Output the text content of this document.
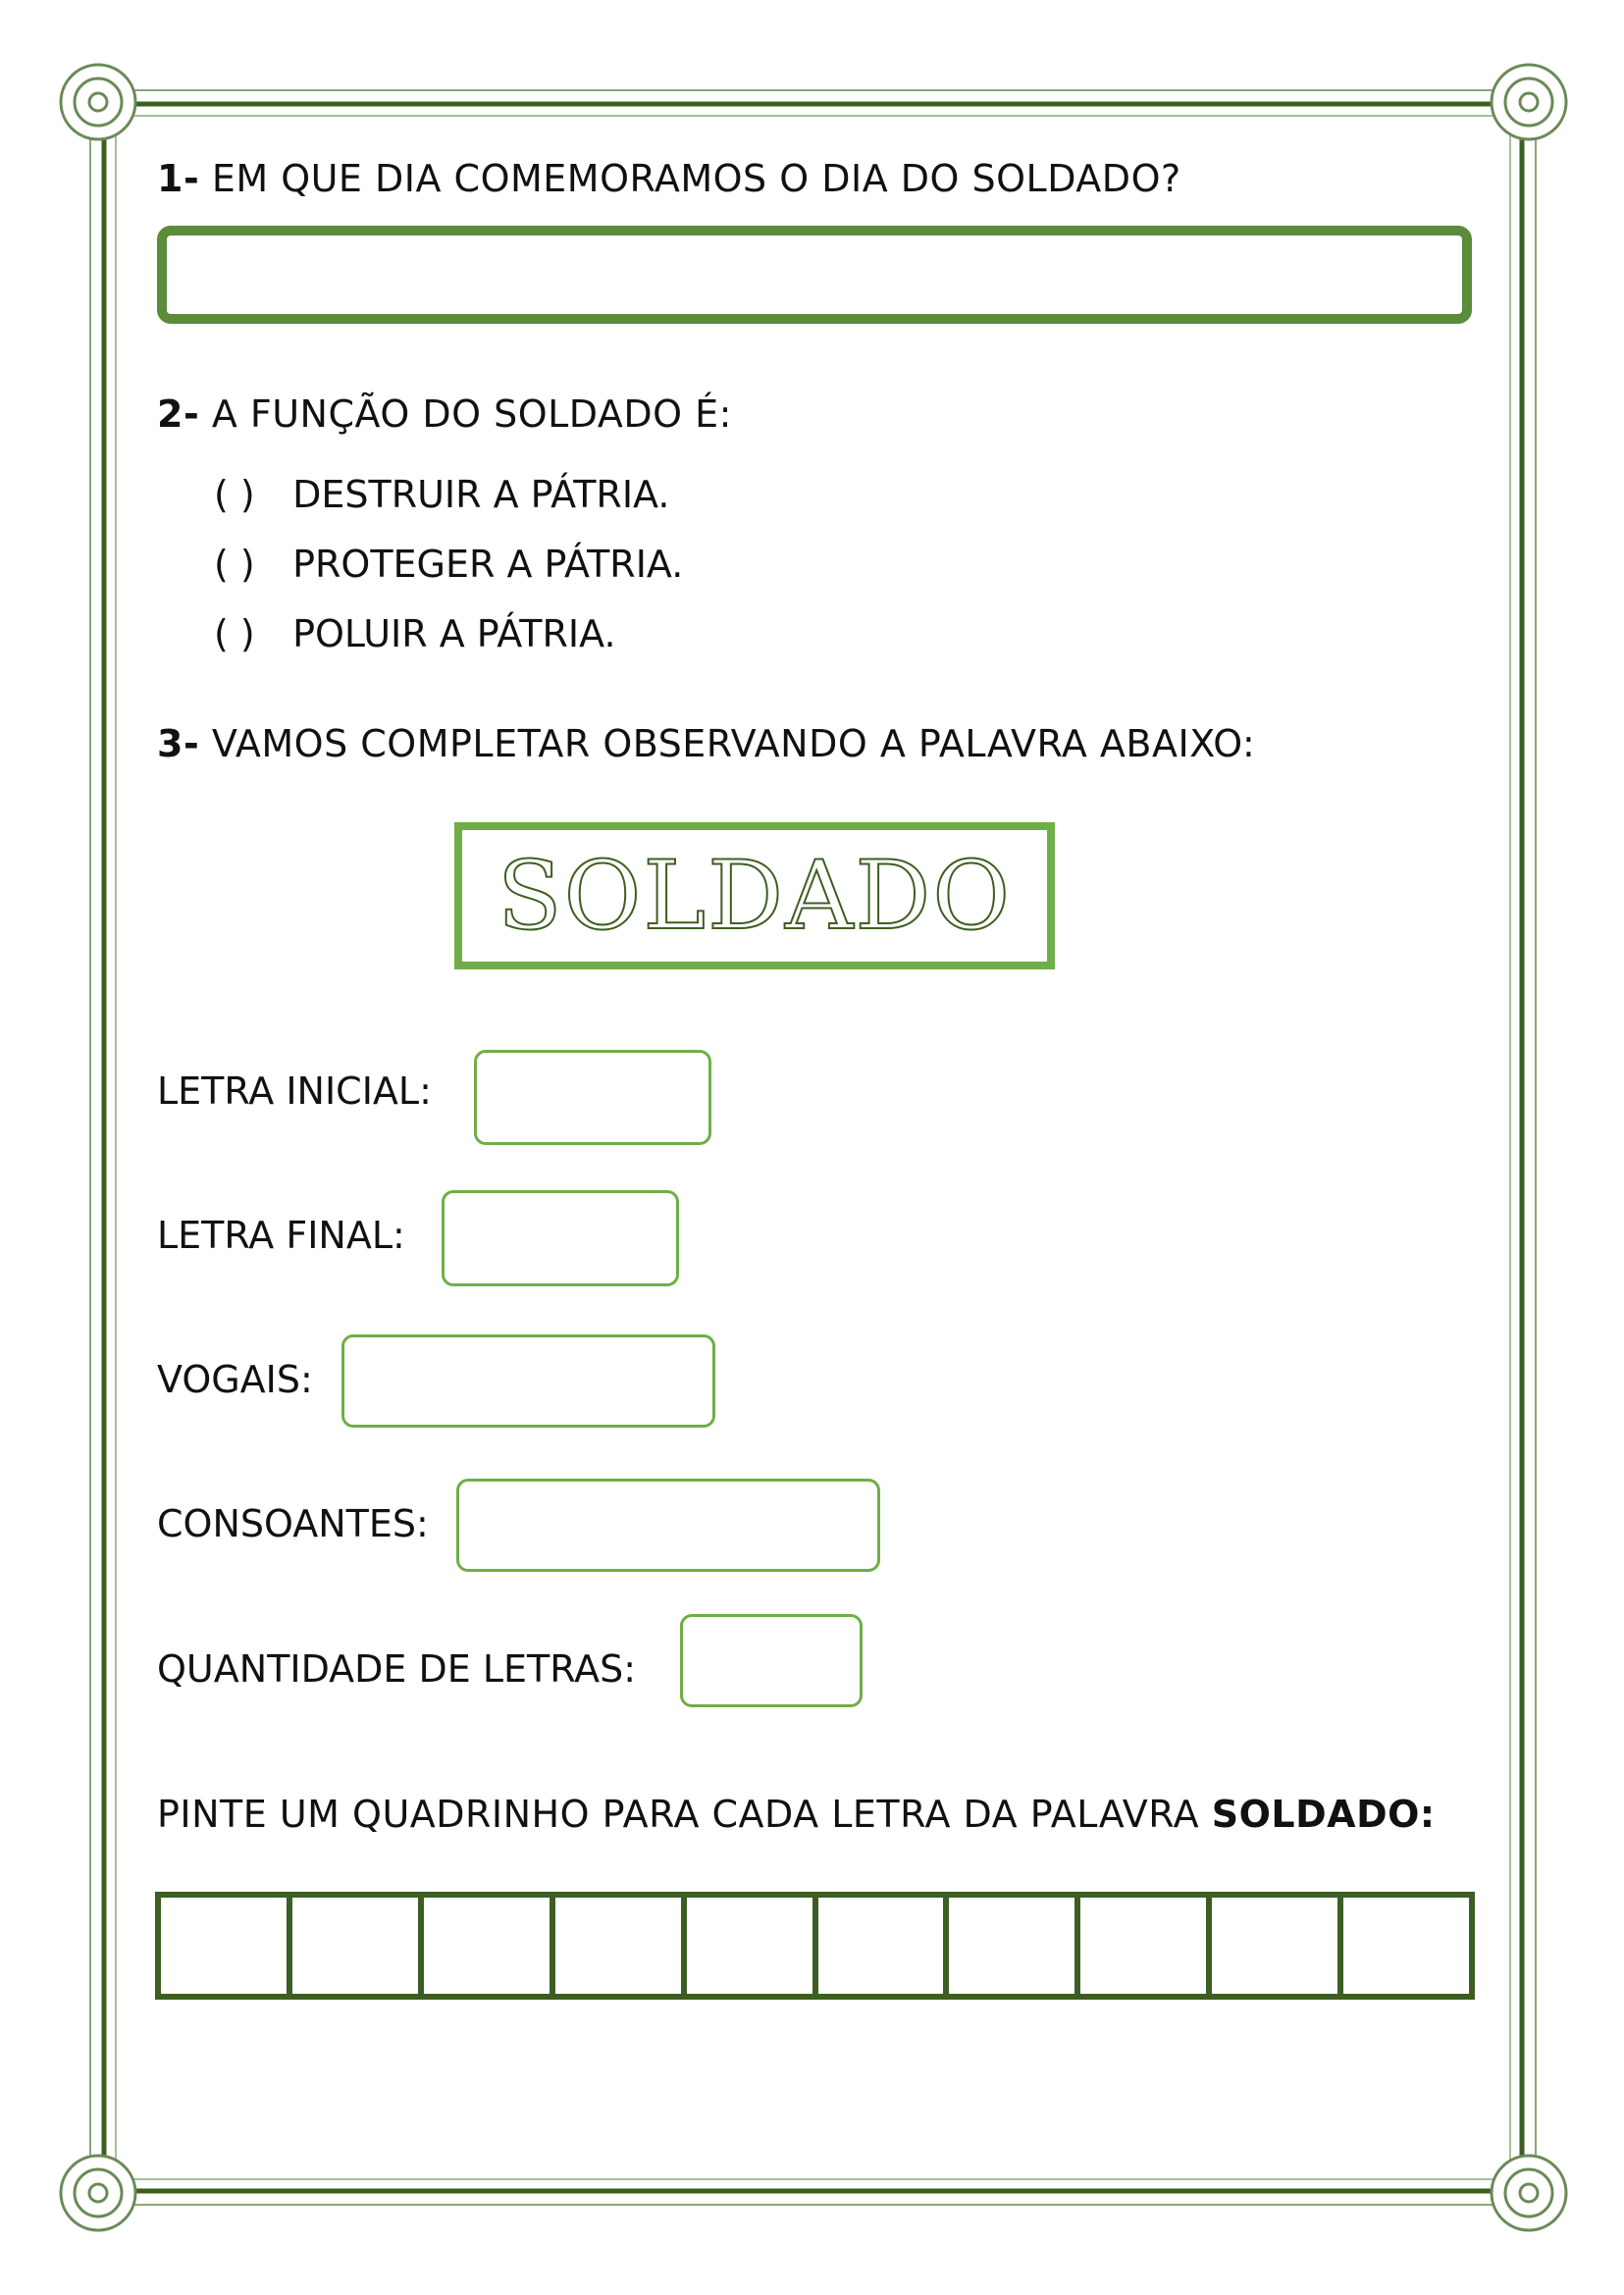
1- EM QUE DIA COMEMORAMOS O DIA DO SOLDADO?
2- A FUNÇÃO DO SOLDADO É:
( ) DESTRUIR A PÁTRIA.
( ) PROTEGER A PÁTRIA.
( ) POLUIR A PÁTRIA.
3- VAMOS COMPLETAR OBSERVANDO A PALAVRA ABAIXO:
SOLDADO
LETRA INICIAL:
LETRA FINAL:
VOGAIS:
CONSOANTES:
QUANTIDADE DE LETRAS:
PINTE UM QUADRINHO PARA CADA LETRA DA PALAVRA SOLDADO:
